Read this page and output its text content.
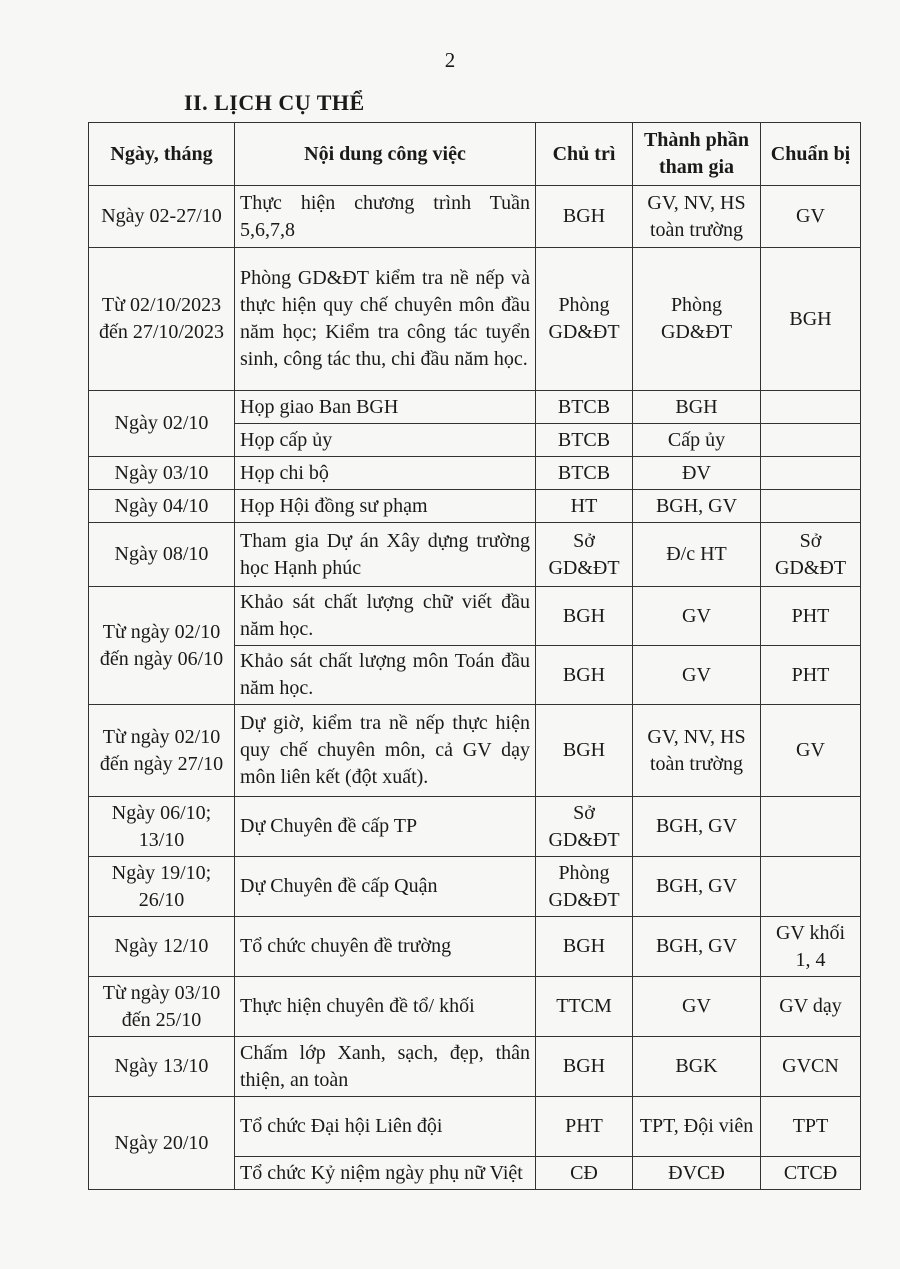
2
II. LỊCH CỤ THỂ
Ngày, tháng	Nội dung công việc	Chủ trì	Thành phần tham gia	Chuẩn bị
Ngày 02-27/10	Thực hiện chương trình Tuần 5,6,7,8	BGH	GV, NV, HS toàn trường	GV
Từ 02/10/2023 đến 27/10/2023	Phòng GD&ĐT kiểm tra nề nếp và thực hiện quy chế chuyên môn đầu năm học; Kiểm tra công tác tuyển sinh, công tác thu, chi đầu năm học.	Phòng GD&ĐT	Phòng GD&ĐT	BGH
Ngày 02/10	Họp giao Ban BGH	BTCB	BGH	
	Họp cấp ủy	BTCB	Cấp ủy	
Ngày 03/10	Họp chi bộ	BTCB	ĐV	
Ngày 04/10	Họp Hội đồng sư phạm	HT	BGH, GV	
Ngày 08/10	Tham gia Dự án Xây dựng trường học Hạnh phúc	Sở GD&ĐT	Đ/c HT	Sở GD&ĐT
Từ ngày 02/10 đến ngày 06/10	Khảo sát chất lượng chữ viết đầu năm học.	BGH	GV	PHT
	Khảo sát chất lượng môn Toán đầu năm học.	BGH	GV	PHT
Từ ngày 02/10 đến ngày 27/10	Dự giờ, kiểm tra nề nếp thực hiện quy chế chuyên môn, cả GV dạy môn liên kết (đột xuất).	BGH	GV, NV, HS toàn trường	GV
Ngày 06/10; 13/10	Dự Chuyên đề cấp TP	Sở GD&ĐT	BGH, GV	
Ngày 19/10; 26/10	Dự Chuyên đề cấp Quận	Phòng GD&ĐT	BGH, GV	
Ngày 12/10	Tổ chức chuyên đề trường	BGH	BGH, GV	GV khối 1, 4
Từ ngày 03/10 đến 25/10	Thực hiện chuyên đề tổ/ khối	TTCM	GV	GV dạy
Ngày 13/10	Chấm lớp Xanh, sạch, đẹp, thân thiện, an toàn	BGH	BGK	GVCN
Ngày 20/10	Tổ chức Đại hội Liên đội	PHT	TPT, Đội viên	TPT
	Tổ chức Kỷ niệm ngày phụ nữ Việt	CĐ	ĐVCĐ	CTCĐ
